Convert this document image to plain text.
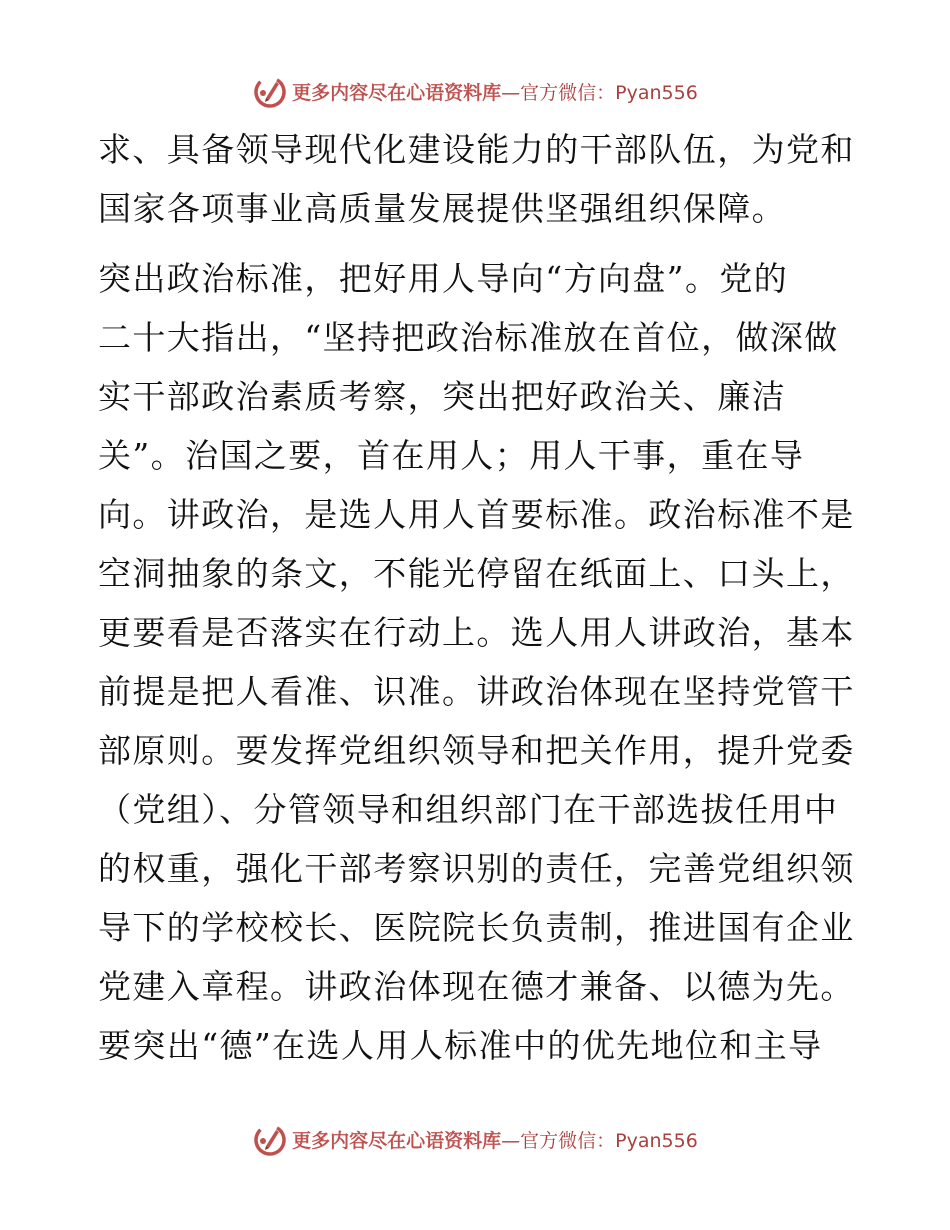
更多内容尽在心语资料库—官方微信：Pyan556
求、具备领导现代化建设能力的干部队伍，为党和
国家各项事业高质量发展提供坚强组织保障。
突出政治标准，把好用人导向“方向盘”。党的
二十大指出，“坚持把政治标准放在首位，做深做
实干部政治素质考察，突出把好政治关、廉洁
关”。治国之要，首在用人；用人干事，重在导
向。讲政治，是选人用人首要标准。政治标准不是
空洞抽象的条文，不能光停留在纸面上、口头上，
更要看是否落实在行动上。选人用人讲政治，基本
前提是把人看准、识准。讲政治体现在坚持党管干
部原则。要发挥党组织领导和把关作用，提升党委
（党组）、分管领导和组织部门在干部选拔任用中
的权重，强化干部考察识别的责任，完善党组织领
导下的学校校长、医院院长负责制，推进国有企业
党建入章程。讲政治体现在德才兼备、以德为先。
要突出“德”在选人用人标准中的优先地位和主导
更多内容尽在心语资料库—官方微信：Pyan556
